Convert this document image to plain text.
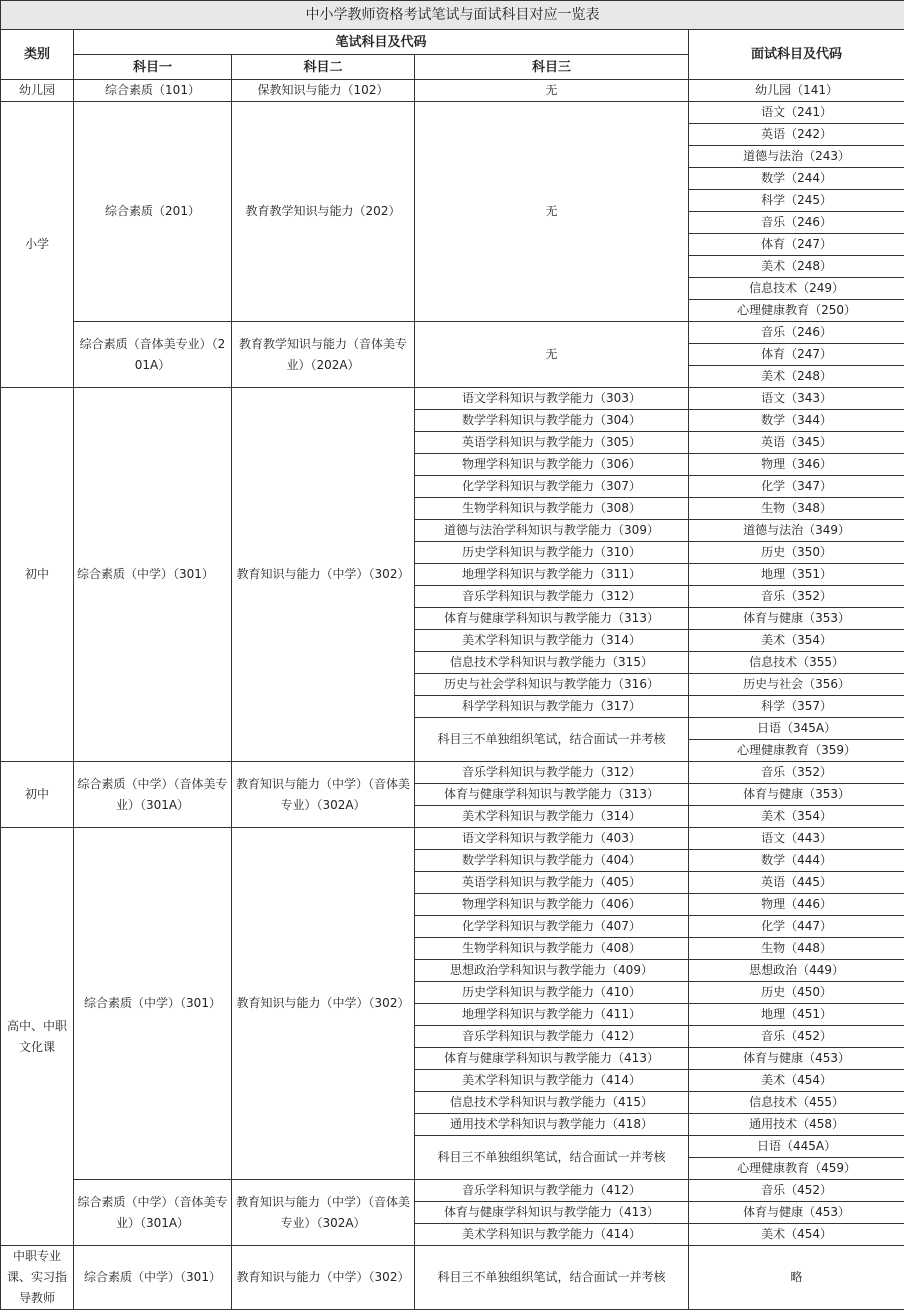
中小学教师资格考试笔试与面试科目对应一览表				
类别	笔试科目及代码			面试科目及代码
	科目一	科目二	科目三	
幼儿园	综合素质（101）	保教知识与能力（102）	无	幼儿园（141）
小学	综合素质（201）	教育教学知识与能力（202）	无	语文（241）
				英语（242）
				道德与法治（243）
				数学（244）
				科学（245）
				音乐（246）
				体育（247）
				美术（248）
				信息技术（249）
				心理健康教育（250）
	综合素质（音体美专业）（201A）	教育教学知识与能力（音体美专业）（202A）	无	音乐（246）
				体育（247）
				美术（248）
初中	综合素质（中学）（301）	教育知识与能力（中学）（302）	语文学科知识与教学能力（303）	语文（343）
			数学学科知识与教学能力（304）	数学（344）
			英语学科知识与教学能力（305）	英语（345）
			物理学科知识与教学能力（306）	物理（346）
			化学学科知识与教学能力（307）	化学（347）
			生物学科知识与教学能力（308）	生物（348）
			道德与法治学科知识与教学能力（309）	道德与法治（349）
			历史学科知识与教学能力（310）	历史（350）
			地理学科知识与教学能力（311）	地理（351）
			音乐学科知识与教学能力（312）	音乐（352）
			体育与健康学科知识与教学能力（313）	体育与健康（353）
			美术学科知识与教学能力（314）	美术（354）
			信息技术学科知识与教学能力（315）	信息技术（355）
			历史与社会学科知识与教学能力（316）	历史与社会（356）
			科学学科知识与教学能力（317）	科学（357）
			科目三不单独组织笔试，结合面试一并考核	日语（345A）
				心理健康教育（359）
初中	综合素质（中学）（音体美专业）（301A）	教育知识与能力（中学）（音体美专业）（302A）	音乐学科知识与教学能力（312）	音乐（352）
			体育与健康学科知识与教学能力（313）	体育与健康（353）
			美术学科知识与教学能力（314）	美术（354）
高中、中职文化课	综合素质（中学）（301）	教育知识与能力（中学）（302）	语文学科知识与教学能力（403）	语文（443）
			数学学科知识与教学能力（404）	数学（444）
			英语学科知识与教学能力（405）	英语（445）
			物理学科知识与教学能力（406）	物理（446）
			化学学科知识与教学能力（407）	化学（447）
			生物学科知识与教学能力（408）	生物（448）
			思想政治学科知识与教学能力（409）	思想政治（449）
			历史学科知识与教学能力（410）	历史（450）
			地理学科知识与教学能力（411）	地理（451）
			音乐学科知识与教学能力（412）	音乐（452）
			体育与健康学科知识与教学能力（413）	体育与健康（453）
			美术学科知识与教学能力（414）	美术（454）
			信息技术学科知识与教学能力（415）	信息技术（455）
			通用技术学科知识与教学能力（418）	通用技术（458）
			科目三不单独组织笔试，结合面试一并考核	日语（445A）
				心理健康教育（459）
	综合素质（中学）（音体美专业）（301A）	教育知识与能力（中学）（音体美专业）（302A）	音乐学科知识与教学能力（412）	音乐（452）
			体育与健康学科知识与教学能力（413）	体育与健康（453）
			美术学科知识与教学能力（414）	美术（454）
中职专业课、实习指导教师	综合素质（中学）（301）	教育知识与能力（中学）（302）	科目三不单独组织笔试，结合面试一并考核	略
